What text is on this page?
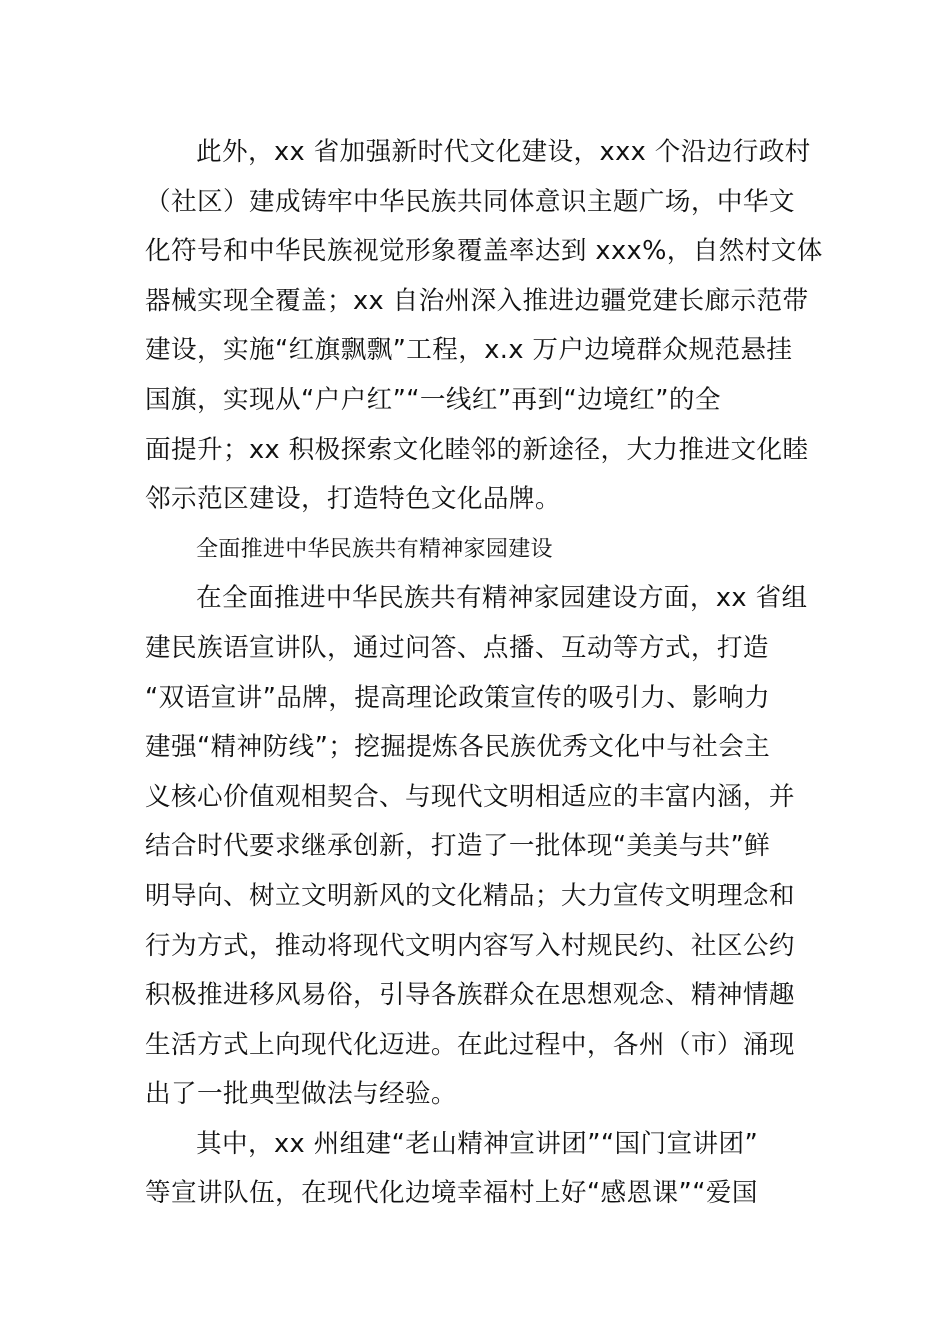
此外，xx 省加强新时代文化建设，xxx 个沿边行政村
（社区）建成铸牢中华民族共同体意识主题广场，中华文
化符号和中华民族视觉形象覆盖率达到 xxx%，自然村文体
器械实现全覆盖；xx 自治州深入推进边疆党建长廊示范带
建设，实施“红旗飘飘”工程，x.x 万户边境群众规范悬挂
国旗，实现从“户户红”“一线红”再到“边境红”的全
面提升；xx 积极探索文化睦邻的新途径，大力推进文化睦
邻示范区建设，打造特色文化品牌。

全面推进中华民族共有精神家园建设

在全面推进中华民族共有精神家园建设方面，xx 省组
建民族语宣讲队，通过问答、点播、互动等方式，打造
“双语宣讲”品牌，提高理论政策宣传的吸引力、影响力
建强“精神防线”；挖掘提炼各民族优秀文化中与社会主
义核心价值观相契合、与现代文明相适应的丰富内涵，并
结合时代要求继承创新，打造了一批体现“美美与共”鲜
明导向、树立文明新风的文化精品；大力宣传文明理念和
行为方式，推动将现代文明内容写入村规民约、社区公约
积极推进移风易俗，引导各族群众在思想观念、精神情趣
生活方式上向现代化迈进。在此过程中，各州（市）涌现
出了一批典型做法与经验。

其中，xx 州组建“老山精神宣讲团”“国门宣讲团”
等宣讲队伍，在现代化边境幸福村上好“感恩课”“爱国
